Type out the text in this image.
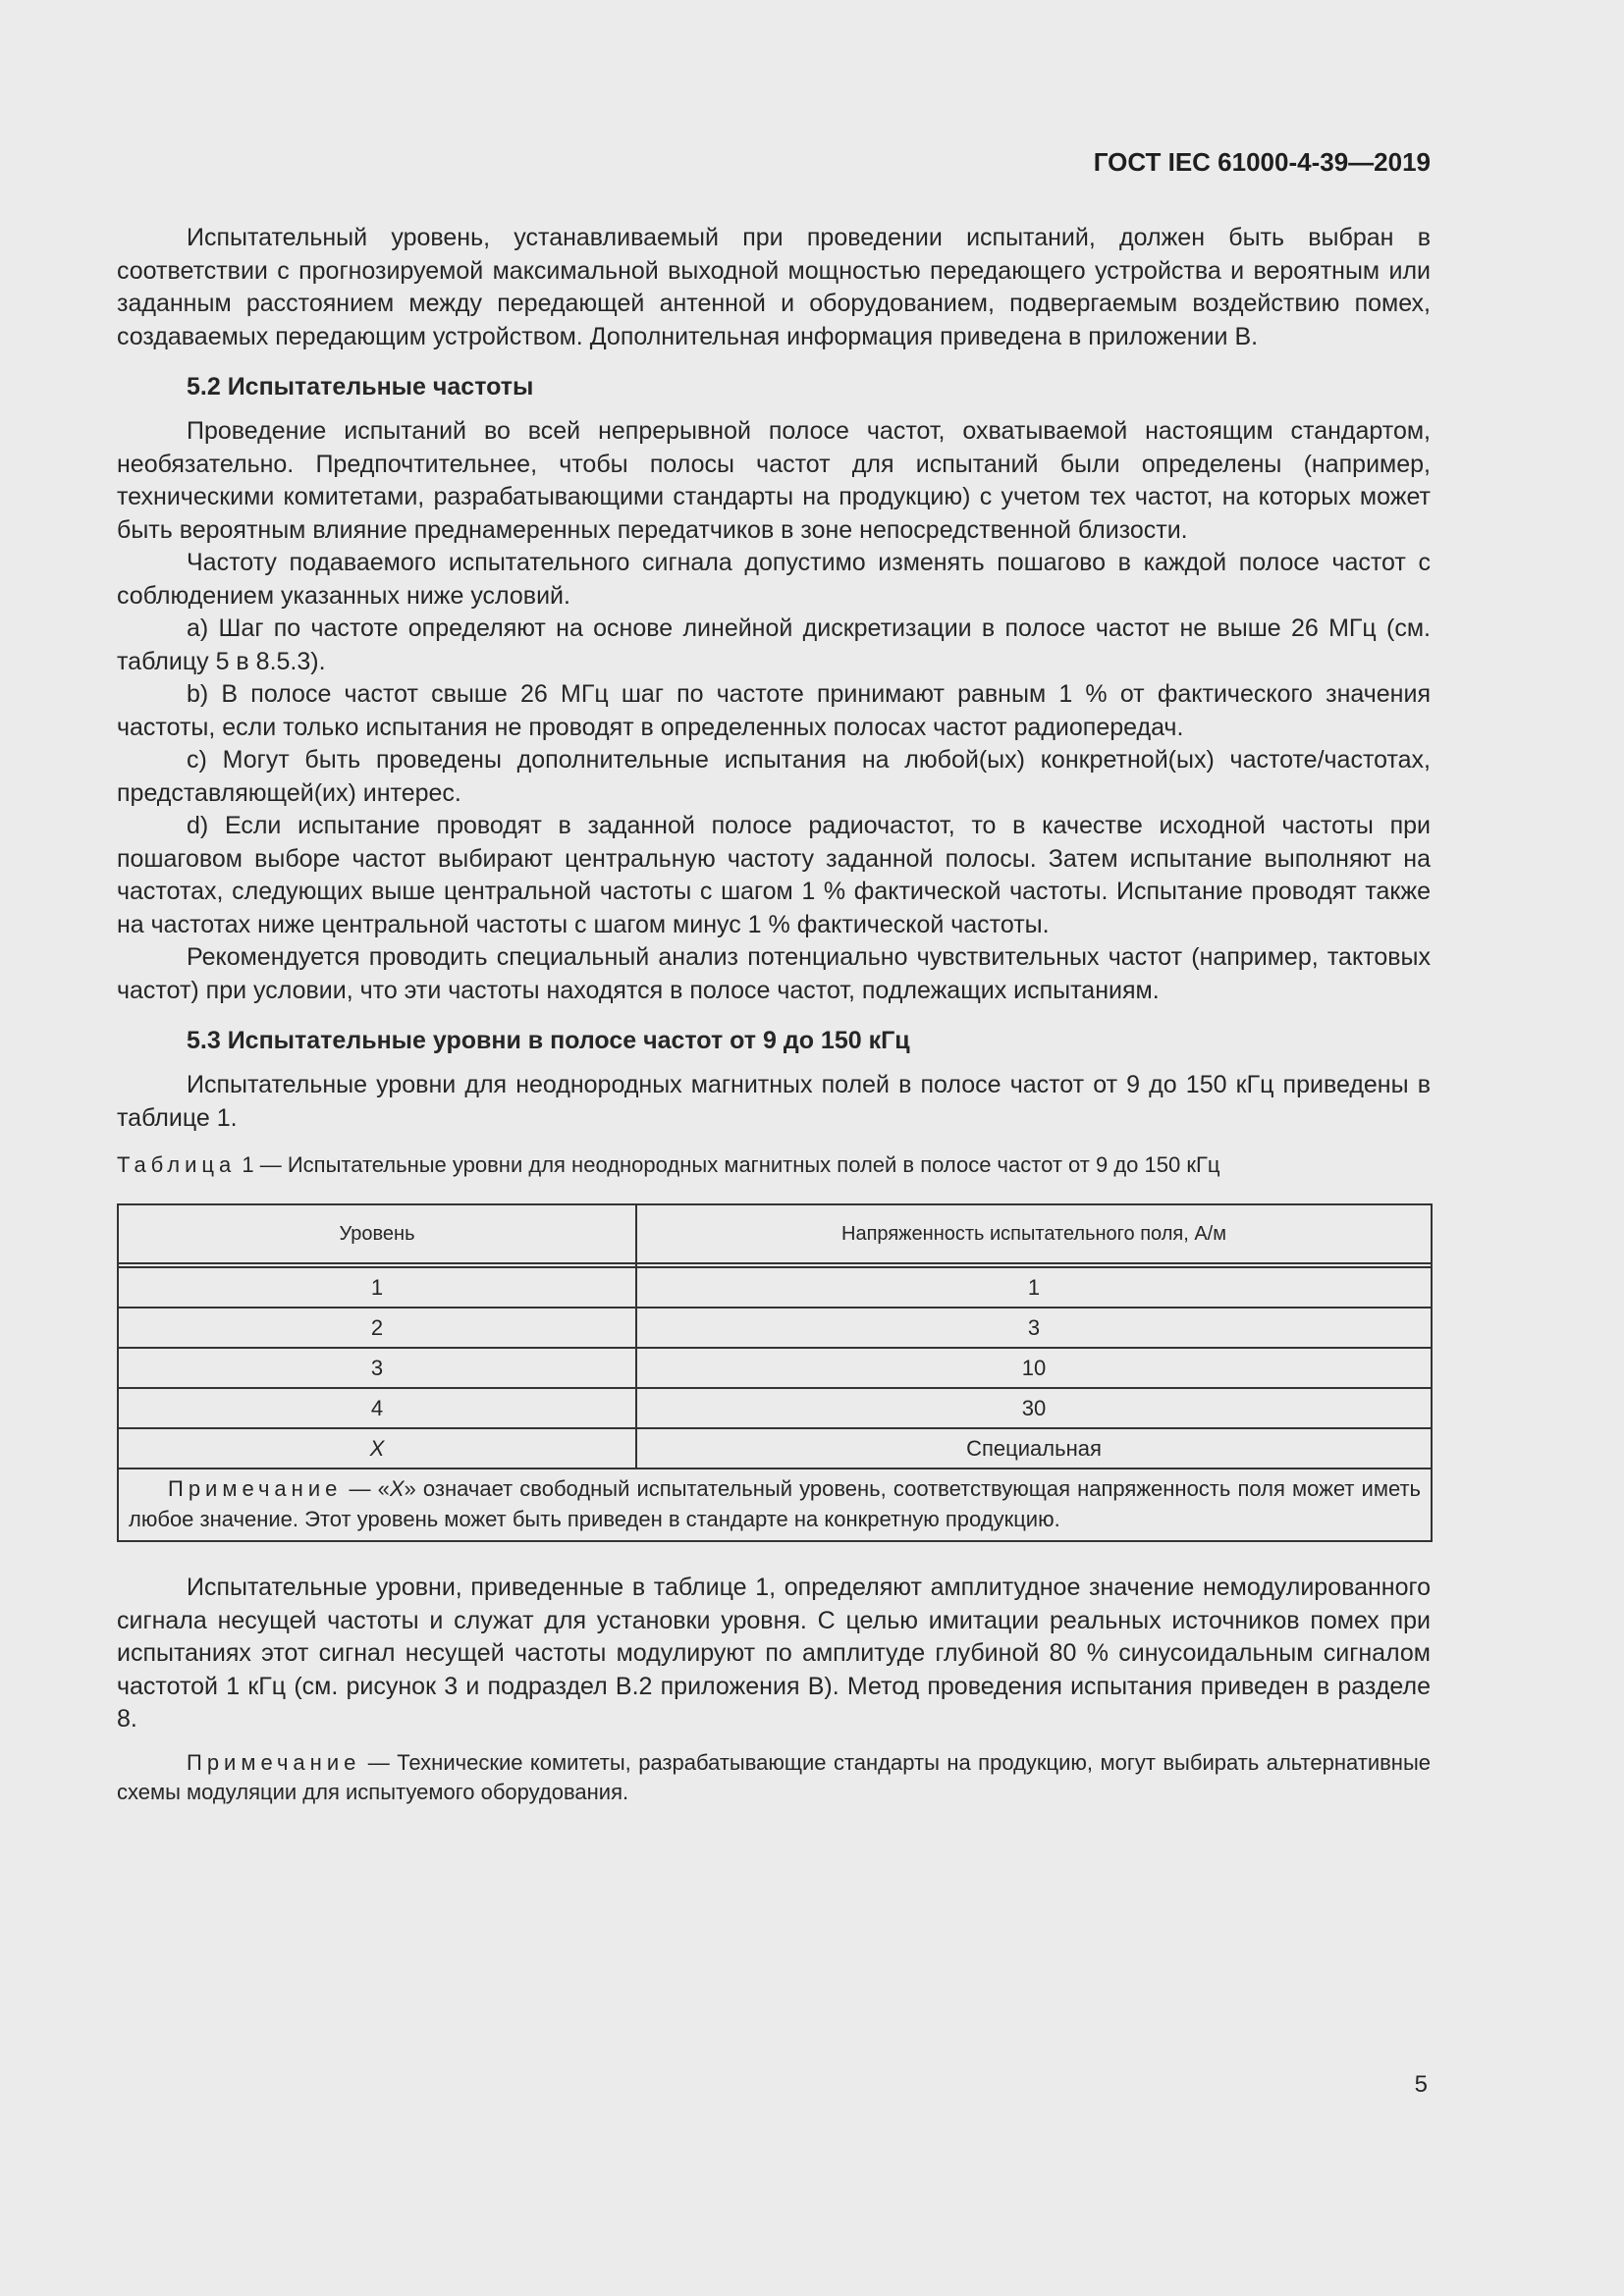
ГОСТ IEC 61000-4-39—2019

Испытательный уровень, устанавливаемый при проведении испытаний, должен быть выбран в соответствии с прогнозируемой максимальной выходной мощностью передающего устройства и вероятным или заданным расстоянием между передающей антенной и оборудованием, подвергаемым воздействию помех, создаваемых передающим устройством. Дополнительная информация приведена в приложении В.

5.2 Испытательные частоты

Проведение испытаний во всей непрерывной полосе частот, охватываемой настоящим стандартом, необязательно. Предпочтительнее, чтобы полосы частот для испытаний были определены (например, техническими комитетами, разрабатывающими стандарты на продукцию) с учетом тех частот, на которых может быть вероятным влияние преднамеренных передатчиков в зоне непосредственной близости.

Частоту подаваемого испытательного сигнала допустимо изменять пошагово в каждой полосе частот с соблюдением указанных ниже условий.

a) Шаг по частоте определяют на основе линейной дискретизации в полосе частот не выше 26 МГц (см. таблицу 5 в 8.5.3).

b) В полосе частот свыше 26 МГц шаг по частоте принимают равным 1 % от фактического значения частоты, если только испытания не проводят в определенных полосах частот радиопередач.

c) Могут быть проведены дополнительные испытания на любой(ых) конкретной(ых) частоте/частотах, представляющей(их) интерес.

d) Если испытание проводят в заданной полосе радиочастот, то в качестве исходной частоты при пошаговом выборе частот выбирают центральную частоту заданной полосы. Затем испытание выполняют на частотах, следующих выше центральной частоты с шагом 1 % фактической частоты. Испытание проводят также на частотах ниже центральной частоты с шагом минус 1 % фактической частоты.

Рекомендуется проводить специальный анализ потенциально чувствительных частот (например, тактовых частот) при условии, что эти частоты находятся в полосе частот, подлежащих испытаниям.

5.3 Испытательные уровни в полосе частот от 9 до 150 кГц

Испытательные уровни для неоднородных магнитных полей в полосе частот от 9 до 150 кГц приведены в таблице 1.

Таблица 1 — Испытательные уровни для неоднородных магнитных полей в полосе частот от 9 до 150 кГц
Уровень	Напряженность испытательного поля, А/м

1	1
2	3
3	10
4	30
X	Специальная
Примечание — «X» означает свободный испытательный уровень, соответствующая напряженность поля может иметь любое значение. Этот уровень может быть приведен в стандарте на конкретную продукцию.	

Испытательные уровни, приведенные в таблице 1, определяют амплитудное значение немодулированного сигнала несущей частоты и служат для установки уровня. С целью имитации реальных источников помех при испытаниях этот сигнал несущей частоты модулируют по амплитуде глубиной 80 % синусоидальным сигналом частотой 1 кГц (см. рисунок 3 и подраздел В.2 приложения В). Метод проведения испытания приведен в разделе 8.

Примечание — Технические комитеты, разрабатывающие стандарты на продукцию, могут выбирать альтернативные схемы модуляции для испытуемого оборудования.

5
